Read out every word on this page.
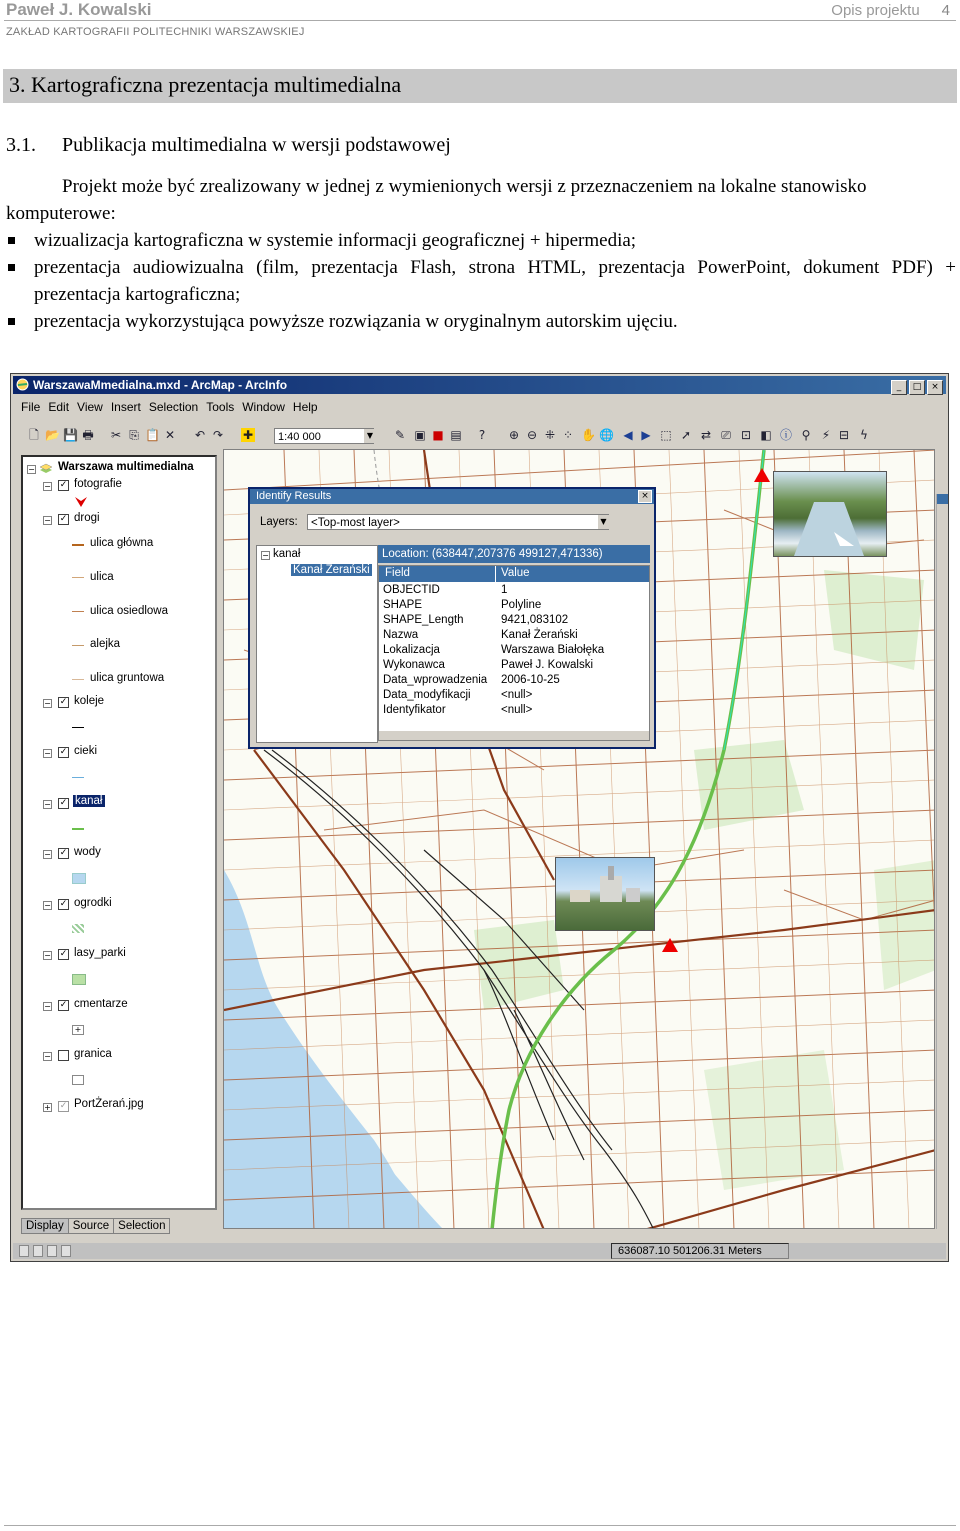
Paweł J. Kowalski	Opis projektu 4
ZAKŁAD KARTOGRAFII POLITECHNIKI WARSZAWSKIEJ
3. Kartograficzna prezentacja multimedialna
3.1. Publikacja multimedialna w wersji podstawowej
Projekt może być zrealizowany w jednej z wymienionych wersji z przeznaczeniem na lokalne stanowisko komputerowe:
wizualizacja kartograficzna w systemie informacji geograficznej + hipermedia;
prezentacja audiowizualna (film, prezentacja Flash, strona HTML, prezentacja PowerPoint, dokument PDF) + prezentacja kartograficzna;
prezentacja wykorzystująca powyższe rozwiązania w oryginalnym autorskim ujęciu.
WarszawaMmedialna.mxd - ArcMap - ArcInfo	_ □ ×
File Edit View Insert Selection Tools Window Help
🗋 📂 💾 🖶 ✂ ⎘ 📋 ✕ ↶ ↷ ✚	✎ ▣ ■ ▤	?	⊕ ⊖ ⁜ ⁘ ✋ 🌐 ◀ ▶ ⬚ ➚ ⇄ ⎚ ⊡ ◧ ⓘ ⚲ ⚡ ⊟ ϟ
1:40 000	▼
− Warszawa multimedialna
− ✓ fotografie
− ✓ drogi
ulica główna
ulica
ulica osiedlowa
alejka
ulica gruntowa
− ✓ koleje
− ✓ cieki
− ✓ kanał
− ✓ wody
− ✓ ogrodki
− ✓ lasy_parki
− ✓ cmentarze
+
− granica
+ ✓ PortŻerań.jpg
Display Source Selection
Identify Results	×
Layers:	<Top-most layer>	▼
− kanał
Kanał Żerański
Location: (638447,207376 499127,471336)
Field	Value
OBJECTID	1
SHAPE	Polyline
SHAPE_Length	9421,083102
Nazwa	Kanał Żerański
Lokalizacja	Warszawa Białołęka
Wykonawca	Paweł J. Kowalski
Data_wprowadzenia 2006-10-25
Data_modyfikacji	<null>
Identyfikator	<null>
636087.10 501206.31 Meters
